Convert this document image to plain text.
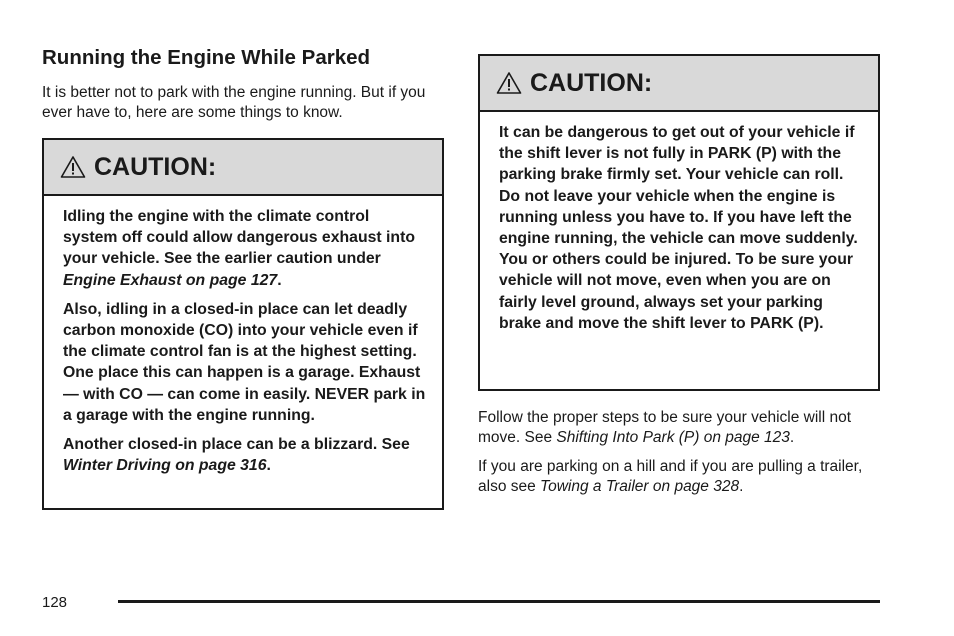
Running the Engine While Parked
It is better not to park with the engine running. But if you ever have to, here are some things to know.
CAUTION:

Idling the engine with the climate control system off could allow dangerous exhaust into your vehicle. See the earlier caution under Engine Exhaust on page 127.

Also, idling in a closed-in place can let deadly carbon monoxide (CO) into your vehicle even if the climate control fan is at the highest setting. One place this can happen is a garage. Exhaust — with CO — can come in easily. NEVER park in a garage with the engine running.

Another closed-in place can be a blizzard. See Winter Driving on page 316.

CAUTION:

It can be dangerous to get out of your vehicle if the shift lever is not fully in PARK (P) with the parking brake firmly set. Your vehicle can roll. Do not leave your vehicle when the engine is running unless you have to. If you have left the engine running, the vehicle can move suddenly. You or others could be injured. To be sure your vehicle will not move, even when you are on fairly level ground, always set your parking brake and move the shift lever to PARK (P).

Follow the proper steps to be sure your vehicle will not move. See Shifting Into Park (P) on page 123.

If you are parking on a hill and if you are pulling a trailer, also see Towing a Trailer on page 328.

128
